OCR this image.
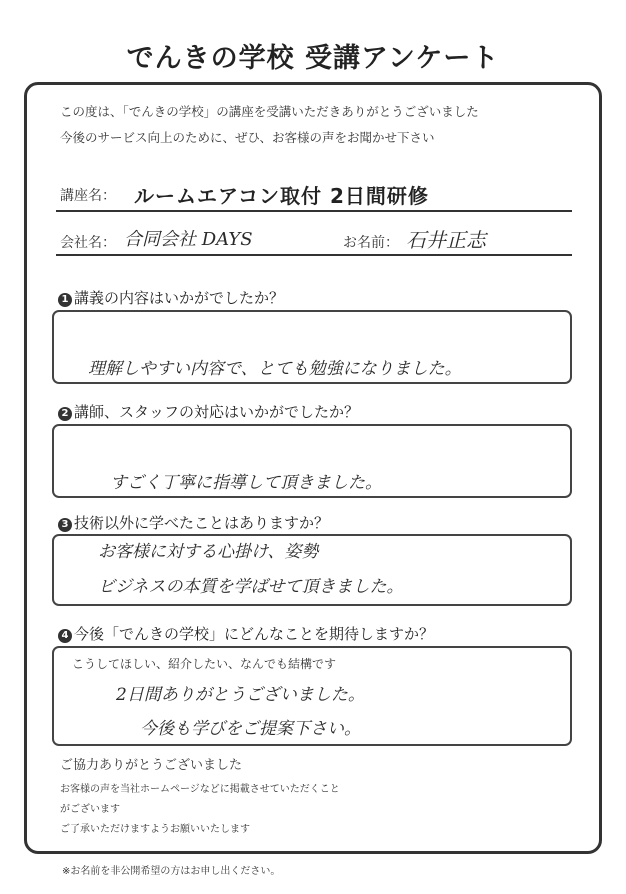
でんきの学校 受講アンケート
この度は、「でんきの学校」の講座を受講いただきありがとうございました
今後のサービス向上のために、ぜひ、お客様の声をお聞かせ下さい
講座名： ルームエアコン取付 2日間研修
会社名： 合同会社 DAYS	お名前： 石井正志
1 講義の内容はいかがでしたか？
理解しやすい内容で、とても勉強になりました。
2 講師、スタッフの対応はいかがでしたか？
すごく丁寧に指導して頂きました。
3 技術以外に学べたことはありますか？
お客様に対する心掛け、姿勢
ビジネスの本質を学ばせて頂きました。
4 今後「でんきの学校」にどんなことを期待しますか？
こうしてほしい、紹介したい、なんでも結構です
2日間ありがとうございました。
今後も学びをご提案下さい。
ご協力ありがとうございました
お客様の声を当社ホームページなどに掲載させていただくこと
がございます
ご了承いただけますようお願いいたします
※お名前を非公開希望の方はお申し出ください。
